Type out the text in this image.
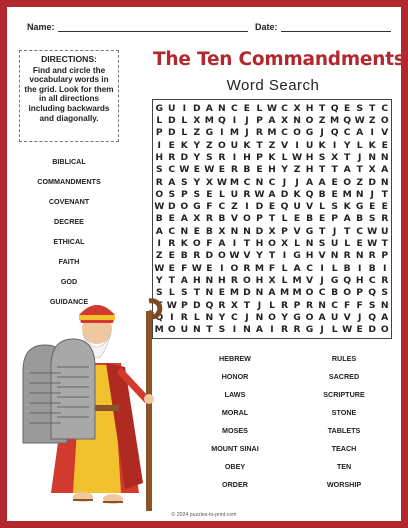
Name:	Date:
DIRECTIONS:
Find and circle the vocabulary words in the grid. Look for them in all directions including backwards and diagonally.
The Ten Commandments
Word Search
G U I D A N C E L W C X H T Q E S T C
L D L X M Q I J P A X N O Z M Q W Z O
P D L Z G I M J R M C O G J Q C A I V
I E K Y Z O U K T Z V I U K I Y L K E
H R D Y S R I H P K L W H S X T J N N
S C W E W E R B E H Y Z H T T A T X A
R A S Y X W M C N C J J A A E O Z D N
O S P S E L U R W A D K Q B E M N J T
W D O G F C Z I D E Q U V L S K G E E
B E A X R B V O P T L E B E P A B S R
A C N E B X N N D X P V G T J T C W U
I R K O F A I T H O X L N S U L E W T
Z E B R D O W V Y T I G H V N R N R P
W E F W E I O R M F L A C I L B I B I
Y T A H N H R O H X L M V J G Q H C R
S L S T N E M D N A M M O C B O P Q S
T W P D Q R X T J L R P R N C F F S N
Q I R L N Y C J N O Y G O A U V J Q A
M O U N T S I N A I R R G J L W E D O
BIBLICAL
COMMANDMENTS
COVENANT
DECREE
ETHICAL
FAITH
GOD
GUIDANCE
HEBREW
HONOR
LAWS
MORAL
MOSES
MOUNT SINAI
OBEY
ORDER
RULES
SACRED
SCRIPTURE
STONE
TABLETS
TEACH
TEN
WORSHIP
© 2024 puzzles-to-print.com
